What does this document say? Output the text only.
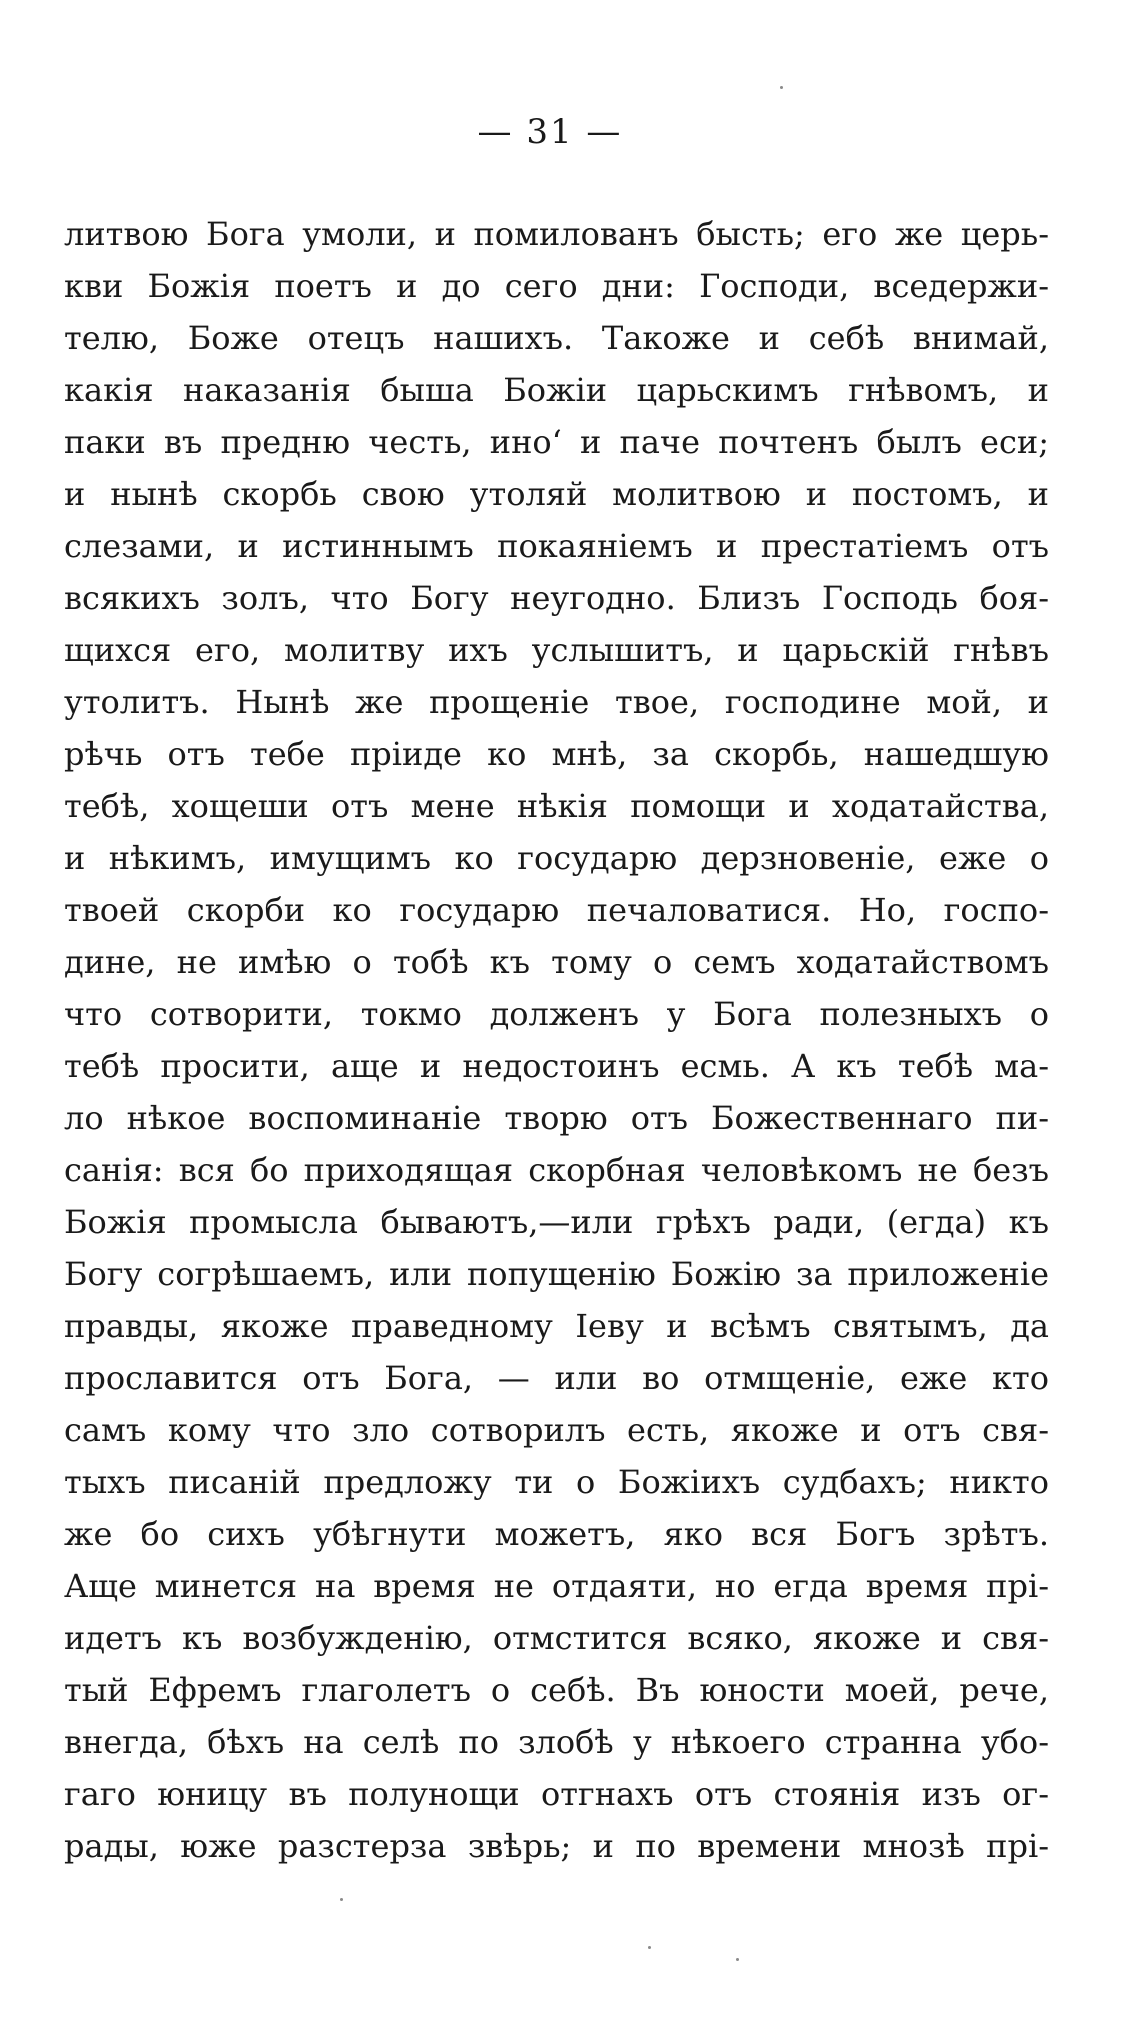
— 31 —
литвою Бога умоли, и помилованъ бысть; его же церь-
кви Божія поетъ и до сего дни: Господи, вседержи-
телю, Боже отецъ нашихъ. Такоже и себѣ внимай,
какія наказанія быша Божіи царьскимъ гнѣвомъ, и
паки въ предню честь, ино‘ и паче почтенъ былъ еси;
и нынѣ скорбь свою утоляй молитвою и постомъ, и
слезами, и истиннымъ покаяніемъ и престатіемъ отъ
всякихъ золъ, что Богу неугодно. Близъ Господь боя-
щихся его, молитву ихъ услышитъ, и царьскій гнѣвъ
утолитъ. Нынѣ же прощеніе твое, господине мой, и
рѣчь отъ тебе пріиде ко мнѣ, за скорбь, нашедшую
тебѣ, хощеши отъ мене нѣкія помощи и ходатайства,
и нѣкимъ, имущимъ ко государю дерзновеніе, еже о
твоей скорби ко государю печаловатися. Но, госпо-
дине, не имѣю о тобѣ къ тому о семъ ходатайствомъ
что сотворити, токмо долженъ у Бога полезныхъ о
тебѣ просити, аще и недостоинъ есмь. А къ тебѣ ма-
ло нѣкое воспоминаніе творю отъ Божественнаго пи-
санія: вся бо приходящая скорбная человѣкомъ не безъ
Божія промысла бываютъ,—или грѣхъ ради, (егда) къ
Богу согрѣшаемъ, или попущенію Божію за приложеніе
правды, якоже праведному Іеву и всѣмъ святымъ, да
прославится отъ Бога, — или во отмщеніе, еже кто
самъ кому что зло сотворилъ есть, якоже и отъ свя-
тыхъ писаній предложу ти о Божіихъ судбахъ; никто
же бо сихъ убѣгнути можетъ, яко вся Богъ зрѣтъ.
Аще минется на время не отдаяти, но егда время прі-
идетъ къ возбужденію, отмстится всяко, якоже и свя-
тый Ефремъ глаголетъ о себѣ. Въ юности моей, рече,
внегда, бѣхъ на селѣ по злобѣ у нѣкоего странна убо-
гаго юницу въ полунощи отгнахъ отъ стоянія изъ ог-
рады, юже разстерза звѣрь; и по времени мнозѣ прі-
